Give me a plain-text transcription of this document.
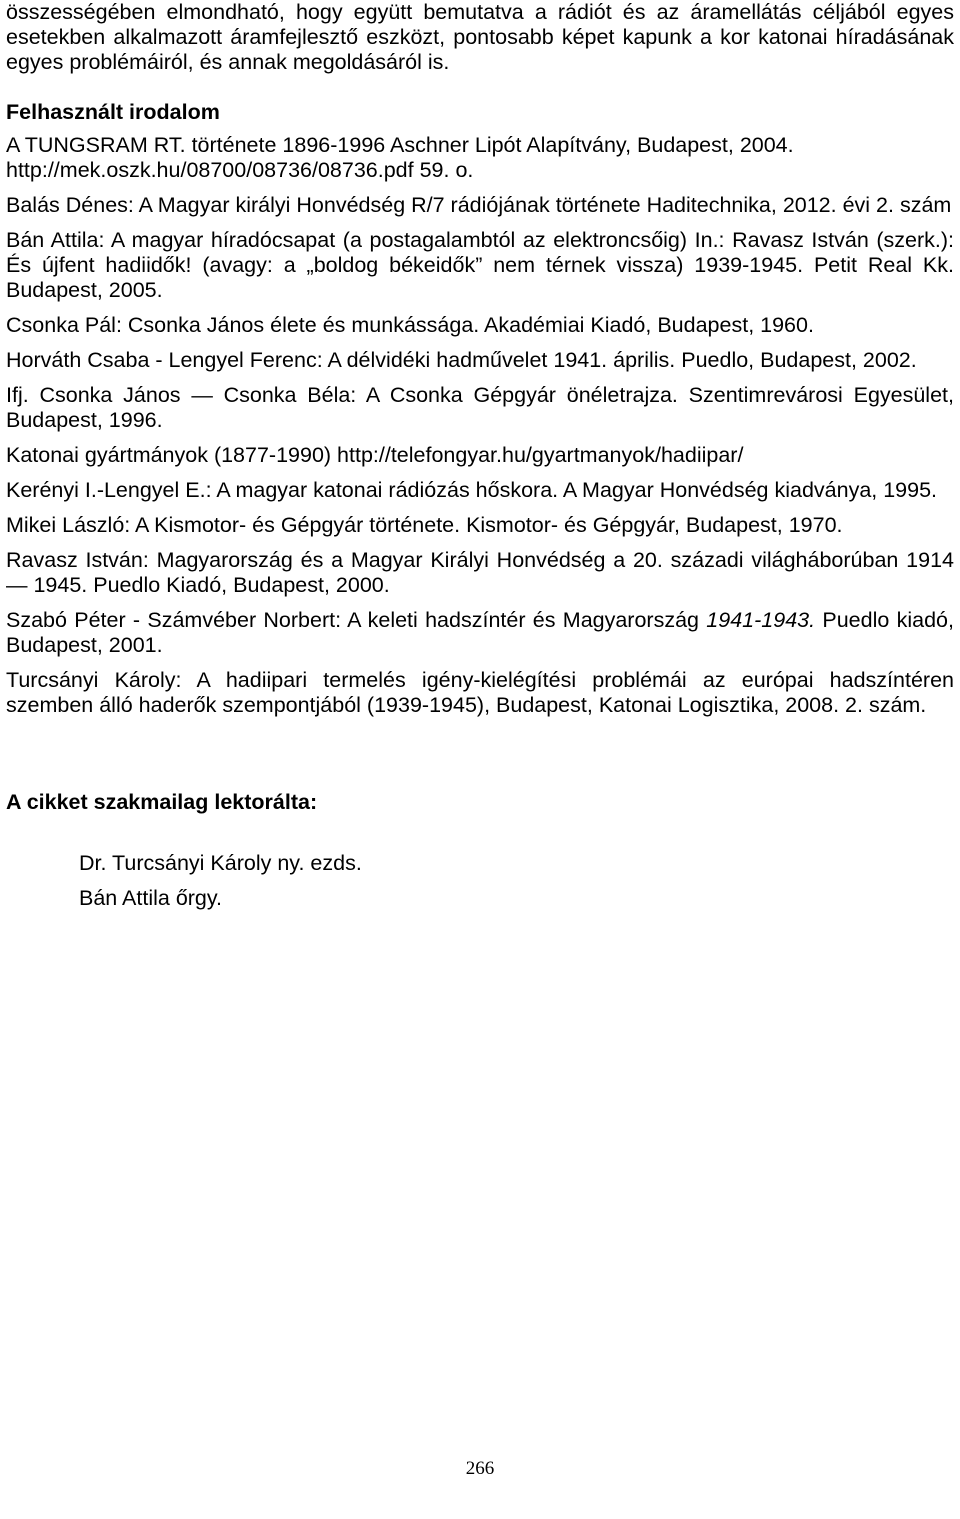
összességében elmondható, hogy együtt bemutatva a rádiót és az áramellátás céljából egyes esetekben alkalmazott áramfejlesztő eszközt, pontosabb képet kapunk a kor katonai híradásának egyes problémáiról, és annak megoldásáról is.

Felhasznált irodalom

A TUNGSRAM RT. története 1896-1996 Aschner Lipót Alapítvány, Budapest, 2004.
http://mek.oszk.hu/08700/08736/08736.pdf 59. o.

Balás Dénes: A Magyar királyi Honvédség R/7 rádiójának története Haditechnika, 2012. évi 2. szám

Bán Attila: A magyar híradócsapat (a postagalambtól az elektroncsőig) In.: Ravasz István (szerk.): És újfent hadiidők! (avagy: a „boldog békeidők” nem térnek vissza) 1939-1945. Petit Real Kk. Budapest, 2005.

Csonka Pál: Csonka János élete és munkássága. Akadémiai Kiadó, Budapest, 1960.

Horváth Csaba - Lengyel Ferenc: A délvidéki hadművelet 1941. április. Puedlo, Budapest, 2002.

Ifj. Csonka János — Csonka Béla: A Csonka Gépgyár önéletrajza. Szentimrevárosi Egyesület, Budapest, 1996.

Katonai gyártmányok (1877-1990) http://telefongyar.hu/gyartmanyok/hadiipar/

Kerényi I.-Lengyel E.: A magyar katonai rádiózás hőskora. A Magyar Honvédség kiadványa, 1995.

Mikei László: A Kismotor- és Gépgyár története. Kismotor- és Gépgyár, Budapest, 1970.

Ravasz István: Magyarország és a Magyar Királyi Honvédség a 20. századi világháborúban 1914 — 1945. Puedlo Kiadó, Budapest, 2000.

Szabó Péter - Számvéber Norbert: A keleti hadszíntér és Magyarország 1941-1943. Puedlo kiadó, Budapest, 2001.

Turcsányi Károly: A hadiipari termelés igény-kielégítési problémái az európai hadszíntéren szemben álló haderők szempontjából (1939-1945), Budapest, Katonai Logisztika, 2008. 2. szám.

A cikket szakmailag lektorálta:

Dr. Turcsányi Károly ny. ezds.

Bán Attila őrgy.

266
